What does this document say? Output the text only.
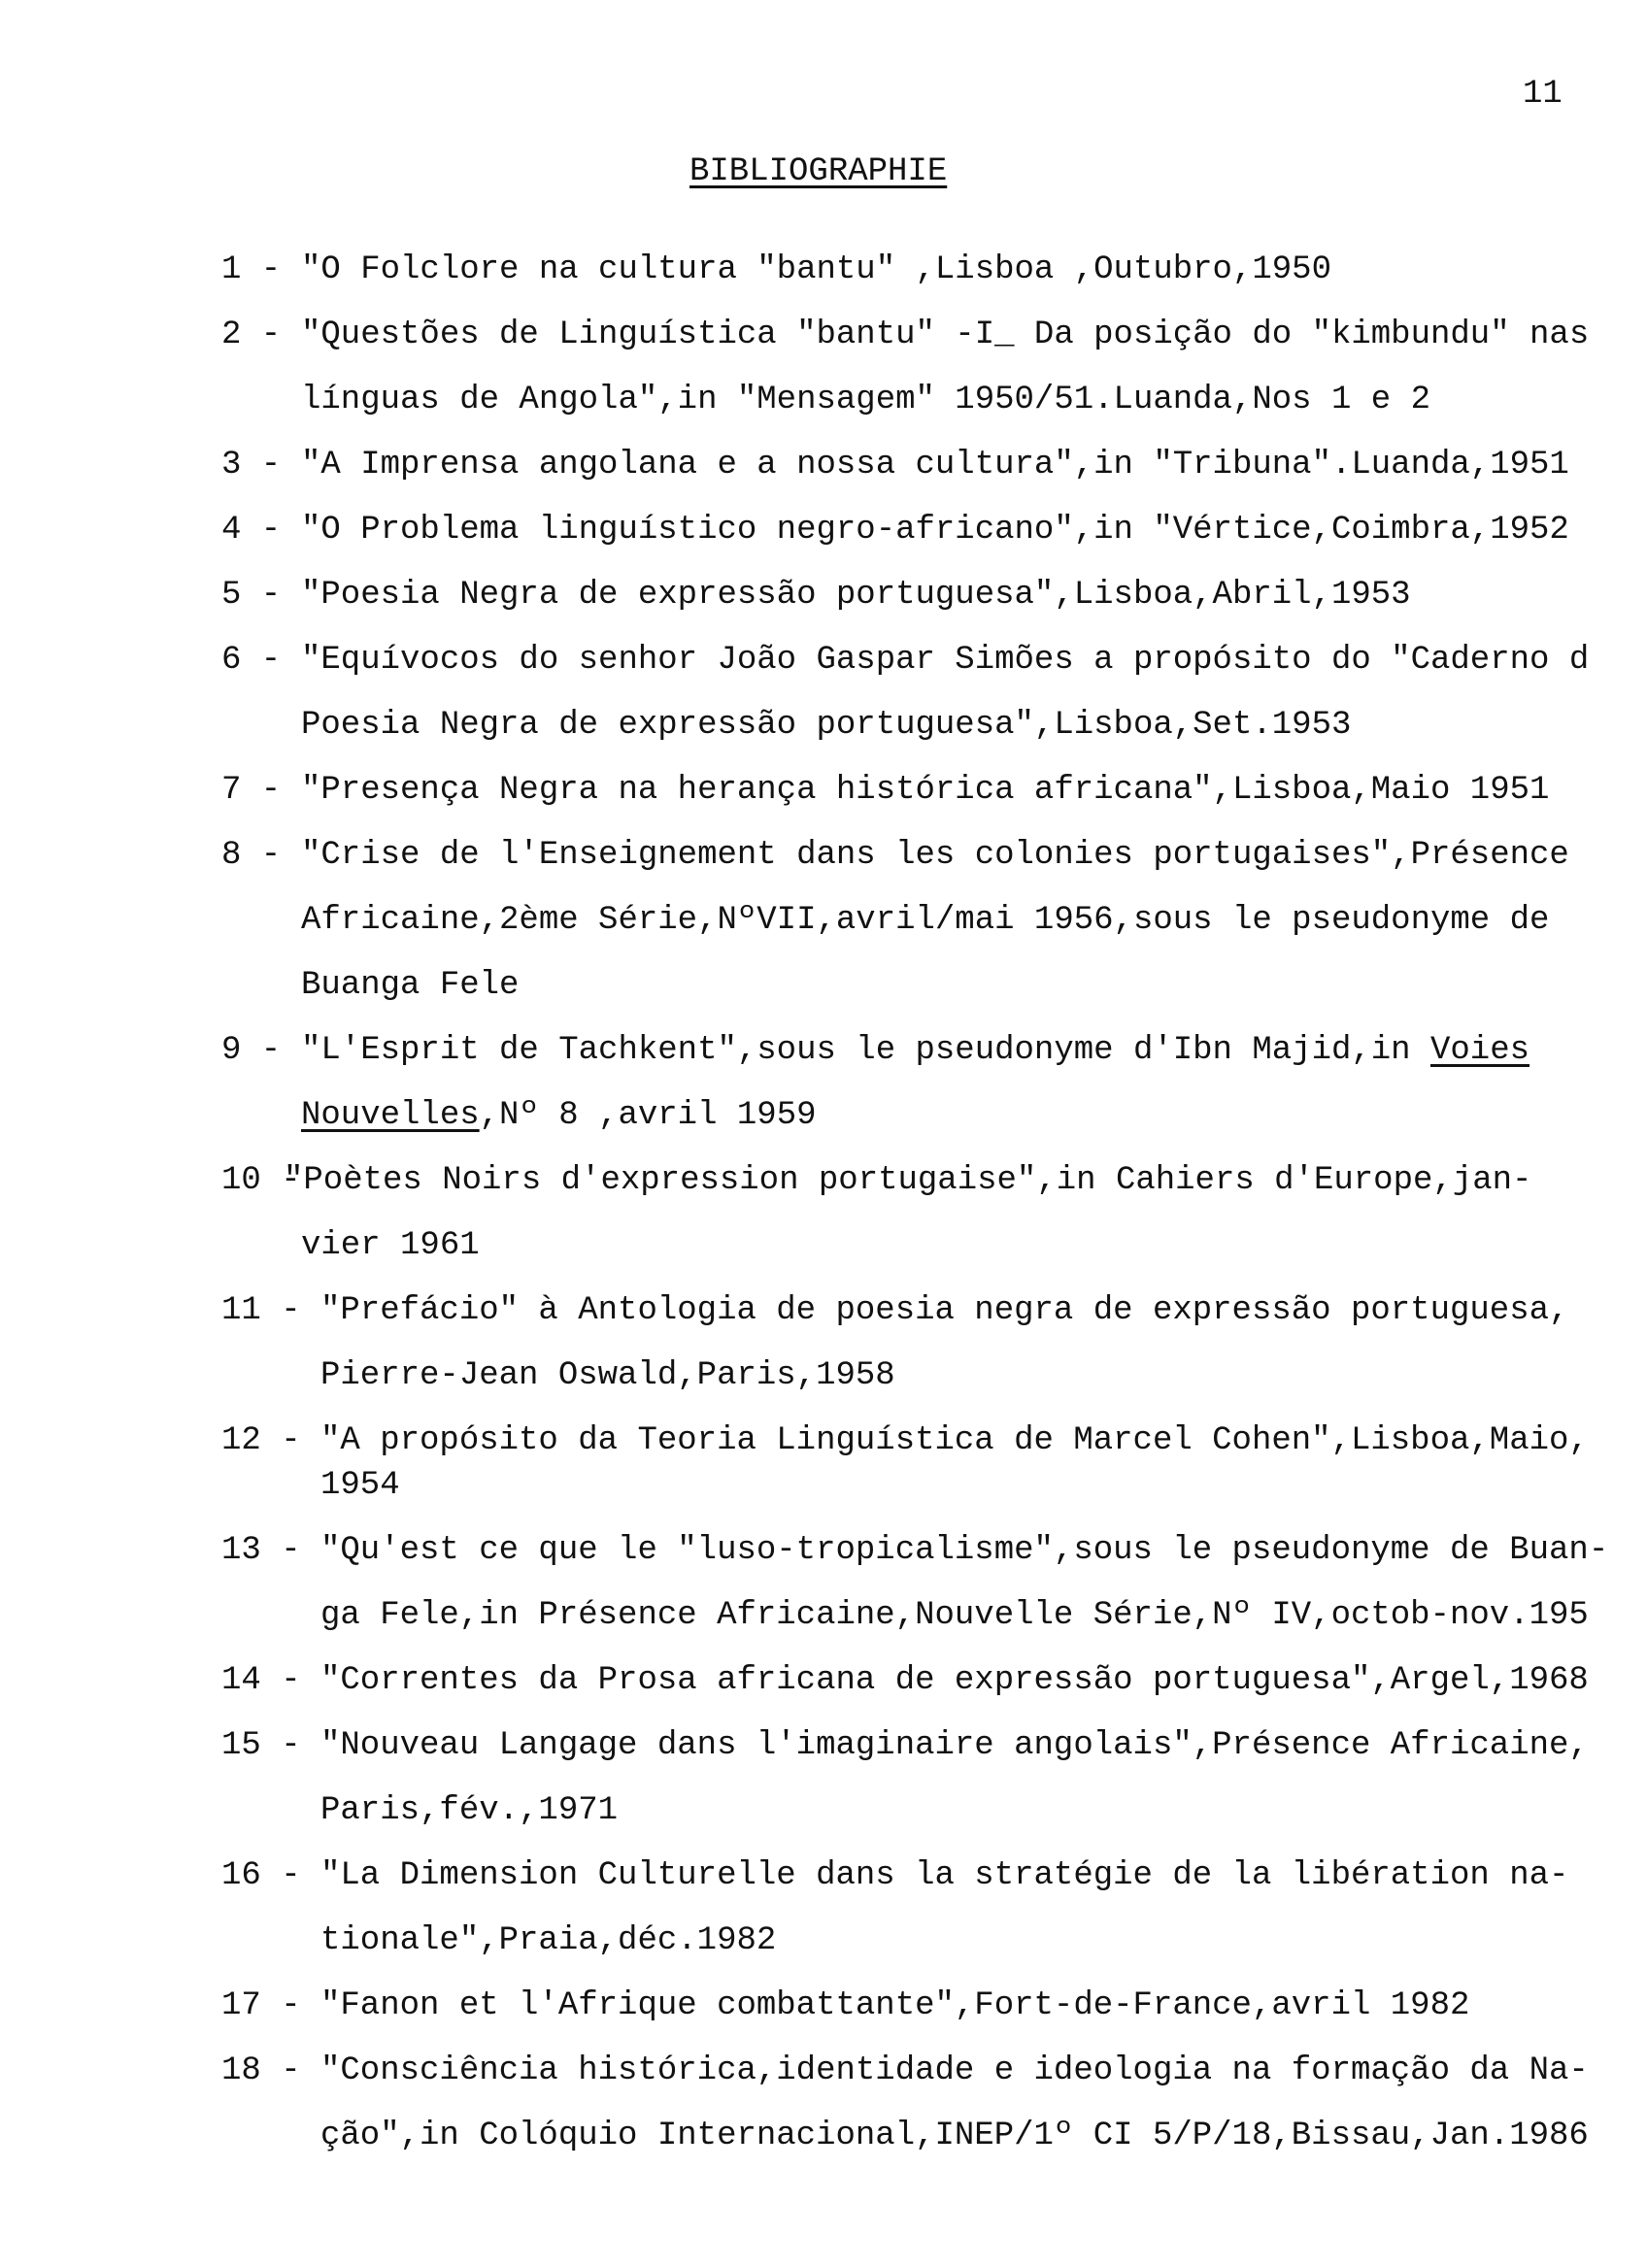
11
BIBLIOGRAPHIE
1 - "O Folclore na cultura "bantu" ,Lisboa ,Outubro,1950
2 - "Questões de Linguística "bantu" -I_ Da posição do "kimbundu" nas
línguas de Angola",in "Mensagem" 1950/51.Luanda,Nos 1 e 2
3 - "A Imprensa angolana e a nossa cultura",in "Tribuna".Luanda,1951
4 - "O Problema linguístico negro-africano",in "Vértice,Coimbra,1952
5 - "Poesia Negra de expressão portuguesa",Lisboa,Abril,1953
6 - "Equívocos do senhor João Gaspar Simões a propósito do "Caderno d
Poesia Negra de expressão portuguesa",Lisboa,Set.1953
7 - "Presença Negra na herança histórica africana",Lisboa,Maio 1951
8 - "Crise de l'Enseignement dans les colonies portugaises",Présence
Africaine,2ème Série,NºVII,avril/mai 1956,sous le pseudonyme de
Buanga Fele
9 - "L'Esprit de Tachkent",sous le pseudonyme d'Ibn Majid,in Voies
Nouvelles,Nº 8 ,avril 1959
10 -
"Poètes Noirs d'expression portugaise",in Cahiers d'Europe,jan-
vier 1961
11 - "Prefácio" à Antologia de poesia negra de expressão portuguesa,
Pierre-Jean Oswald,Paris,1958
12 - "A propósito da Teoria Linguística de Marcel Cohen",Lisboa,Maio,
1954
13 - "Qu'est ce que le "luso-tropicalisme",sous le pseudonyme de Buan-
ga Fele,in Présence Africaine,Nouvelle Série,Nº IV,octob-nov.195
14 - "Correntes da Prosa africana de expressão portuguesa",Argel,1968
15 - "Nouveau Langage dans l'imaginaire angolais",Présence Africaine,
Paris,fév.,1971
16 - "La Dimension Culturelle dans la stratégie de la libération na-
tionale",Praia,déc.1982
17 - "Fanon et l'Afrique combattante",Fort-de-France,avril 1982
18 - "Consciência histórica,identidade e ideologia na formação da Na-
ção",in Colóquio Internacional,INEP/1º CI 5/P/18,Bissau,Jan.1986
